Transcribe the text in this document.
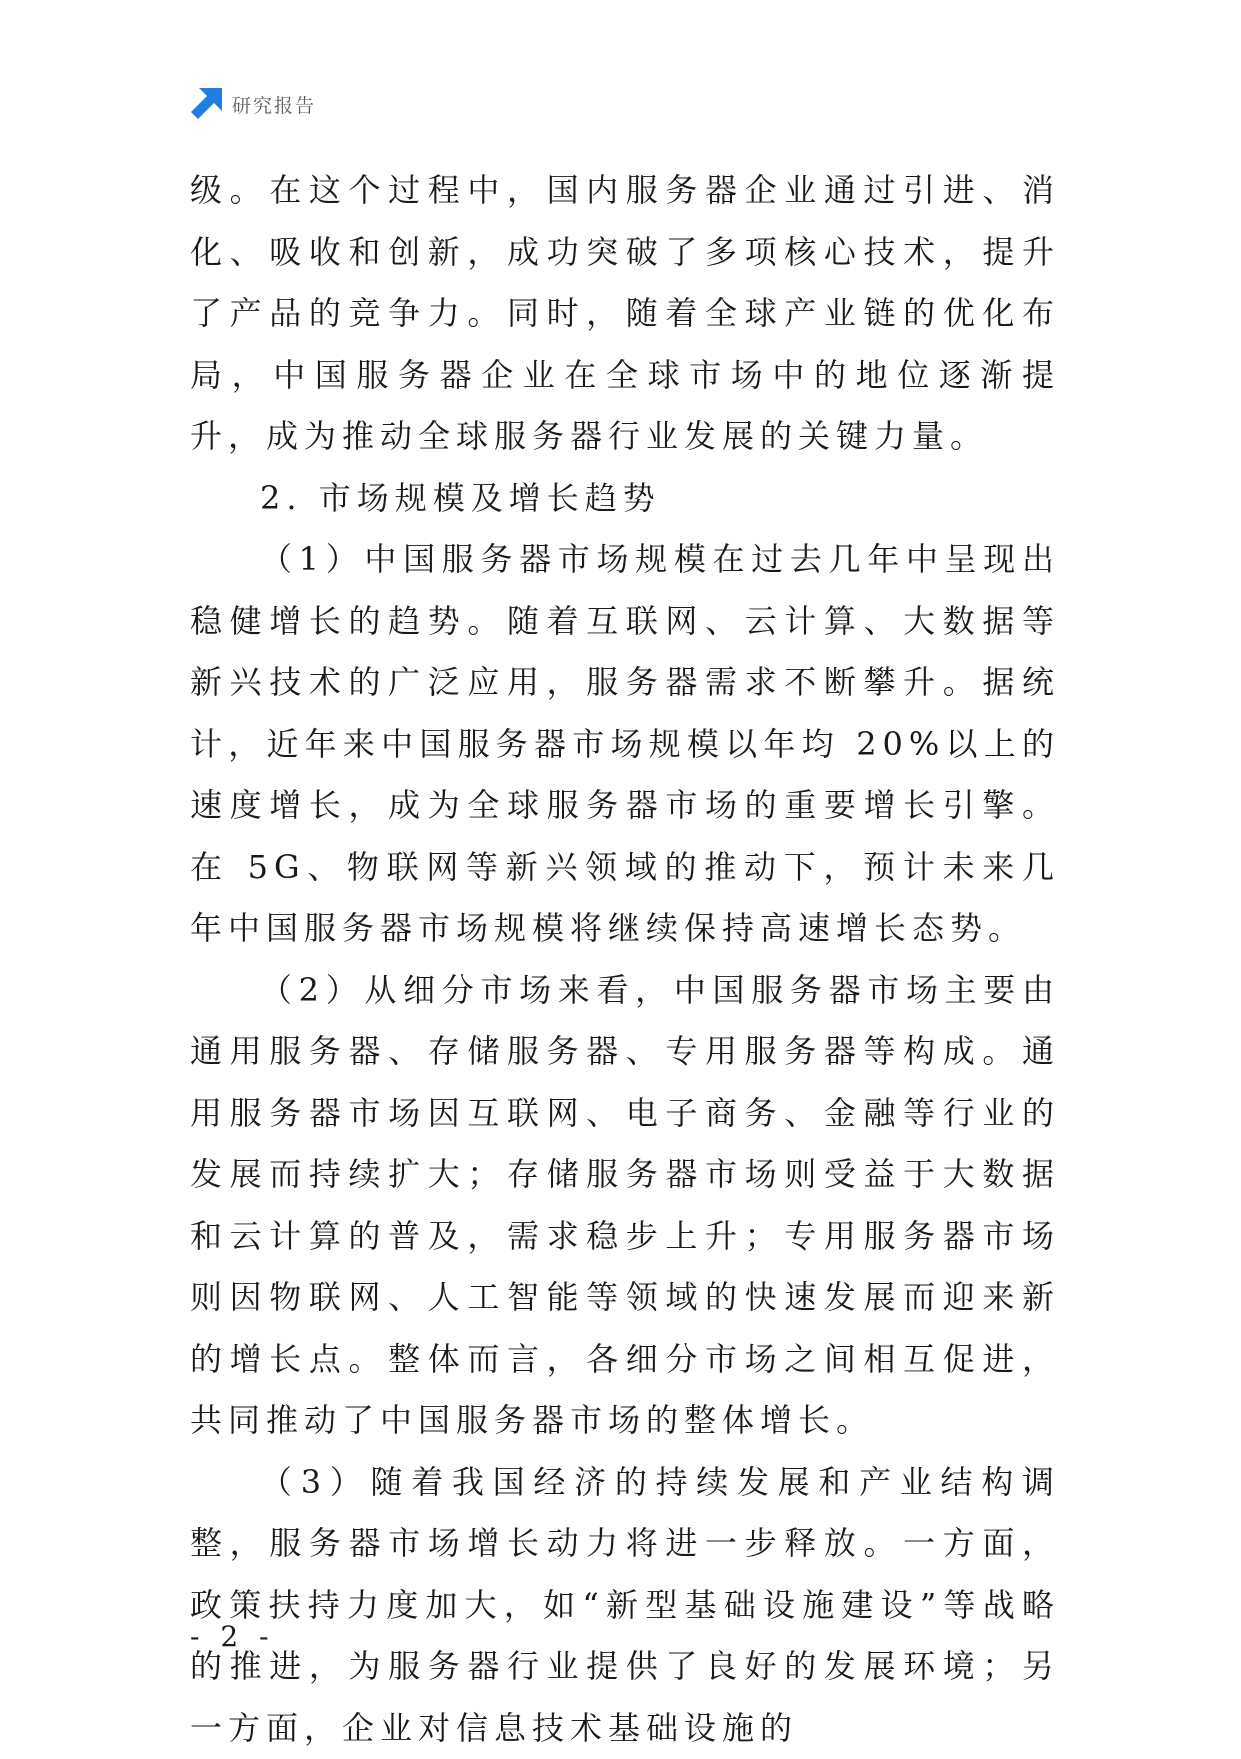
研究报告

级。在这个过程中，国内服务器企业通过引进、消化、吸收和创新，成功突破了多项核心技术，提升了产品的竞争力。同时，随着全球产业链的优化布局，中国服务器企业在全球市场中的地位逐渐提升，成为推动全球服务器行业发展的关键力量。

2. 市场规模及增长趋势

（1）中国服务器市场规模在过去几年中呈现出稳健增长的趋势。随着互联网、云计算、大数据等新兴技术的广泛应用，服务器需求不断攀升。据统计，近年来中国服务器市场规模以年均 20%以上的速度增长，成为全球服务器市场的重要增长引擎。在 5G、物联网等新兴领域的推动下，预计未来几年中国服务器市场规模将继续保持高速增长态势。

（2）从细分市场来看，中国服务器市场主要由通用服务器、存储服务器、专用服务器等构成。通用服务器市场因互联网、电子商务、金融等行业的发展而持续扩大；存储服务器市场则受益于大数据和云计算的普及，需求稳步上升；专用服务器市场则因物联网、人工智能等领域的快速发展而迎来新的增长点。整体而言，各细分市场之间相互促进，共同推动了中国服务器市场的整体增长。

（3）随着我国经济的持续发展和产业结构调整，服务器市场增长动力将进一步释放。一方面，政策扶持力度加大，如“新型基础设施建设”等战略的推进，为服务器行业提供了良好的发展环境；另一方面，企业对信息技术基础设施的

- 2 -
